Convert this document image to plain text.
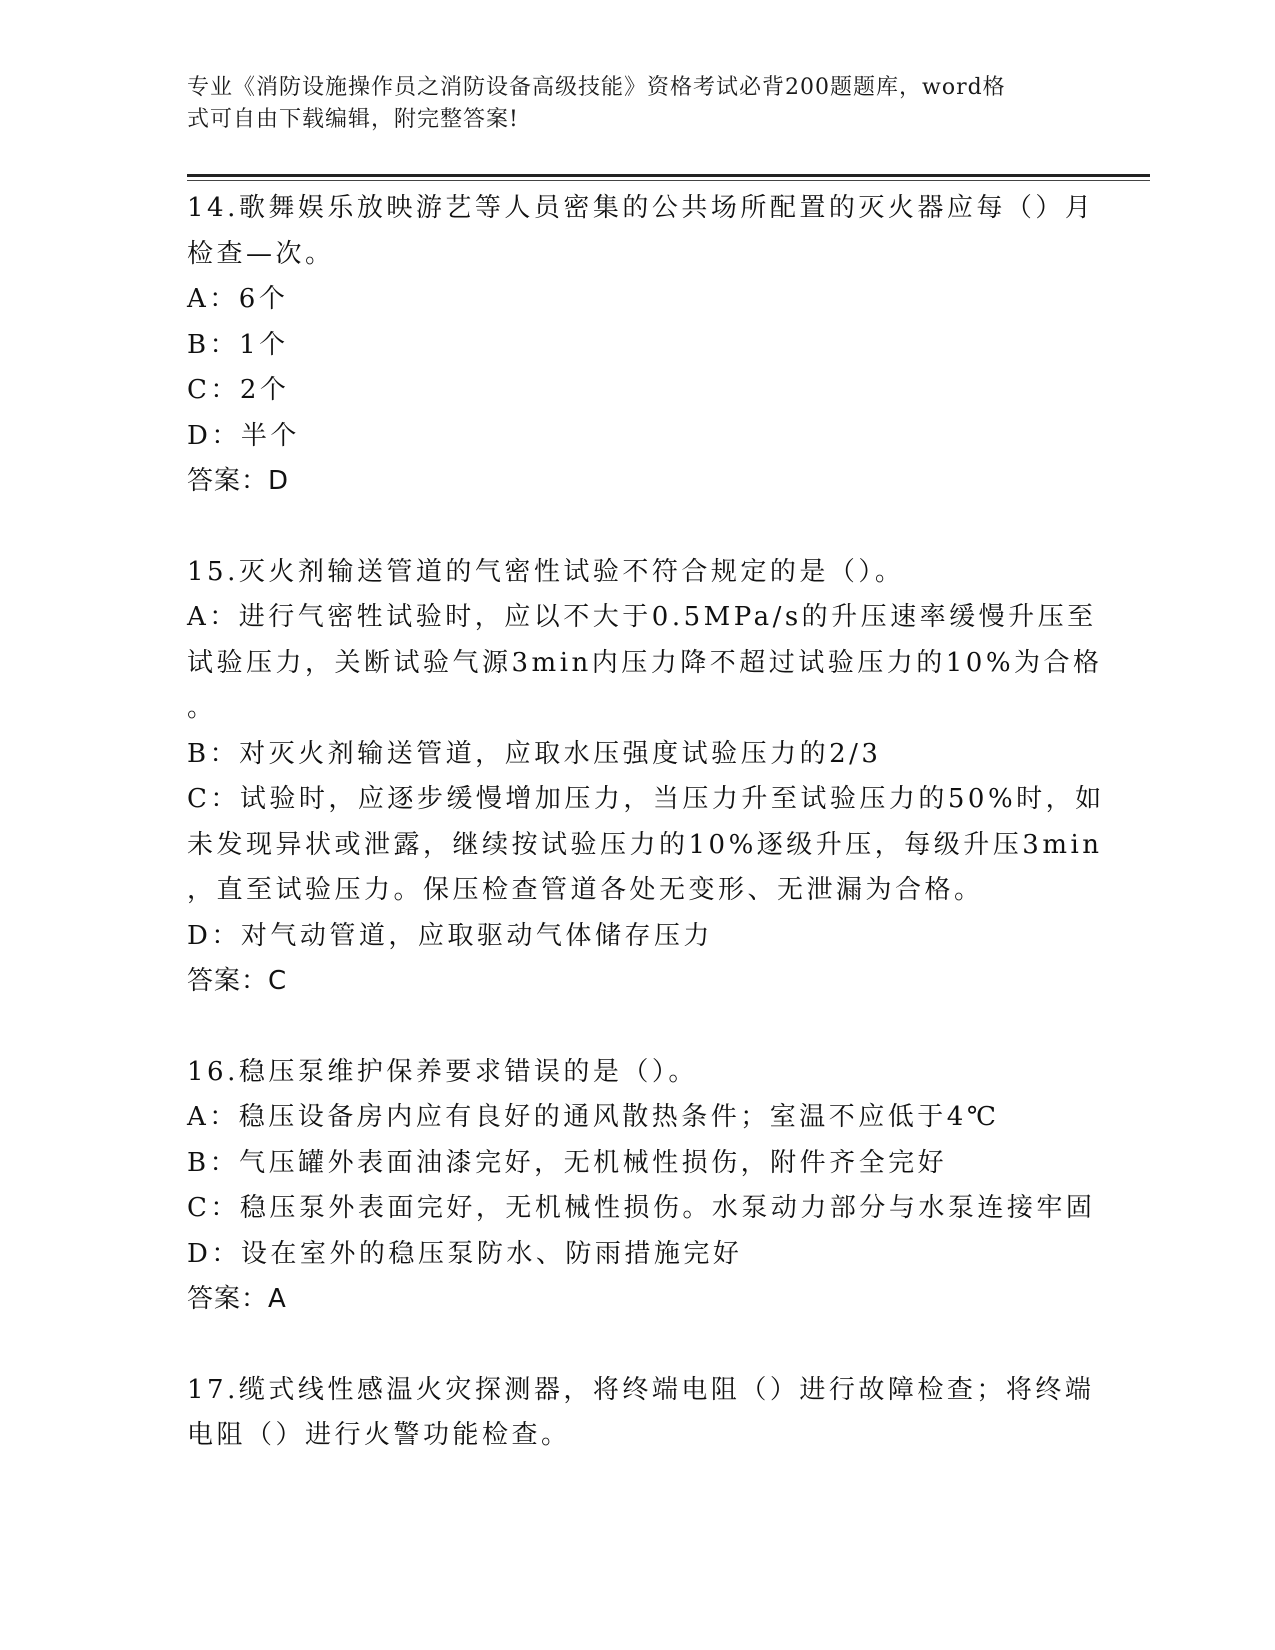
专业《消防设施操作员之消防设备高级技能》资格考试必背200题题库，word格
式可自由下载编辑，附完整答案!
14.歌舞娱乐放映游艺等人员密集的公共场所配置的灭火器应每（）月
检查—次。
A：6个
B：1个
C：2个
D：半个
答案：D
15.灭火剂输送管道的气密性试验不符合规定的是（）。
A：进行气密牲试验时，应以不大于0.5MPa/s的升压速率缓慢升压至
试验压力，关断试验气源3min内压力降不超过试验压力的10%为合格
。
B：对灭火剂输送管道，应取水压强度试验压力的2/3
C：试验时，应逐步缓慢增加压力，当压力升至试验压力的50%时，如
未发现异状或泄露，继续按试验压力的10%逐级升压，每级升压3min
，直至试验压力。保压检查管道各处无变形、无泄漏为合格。
D：对气动管道，应取驱动气体储存压力
答案：C
16.稳压泵维护保养要求错误的是（）。
A：稳压设备房内应有良好的通风散热条件；室温不应低于4℃
B：气压罐外表面油漆完好，无机械性损伤，附件齐全完好
C：稳压泵外表面完好，无机械性损伤。水泵动力部分与水泵连接牢固
D：设在室外的稳压泵防水、防雨措施完好
答案：A
17.缆式线性感温火灾探测器，将终端电阻（）进行故障检查；将终端
电阻（）进行火警功能检查。
